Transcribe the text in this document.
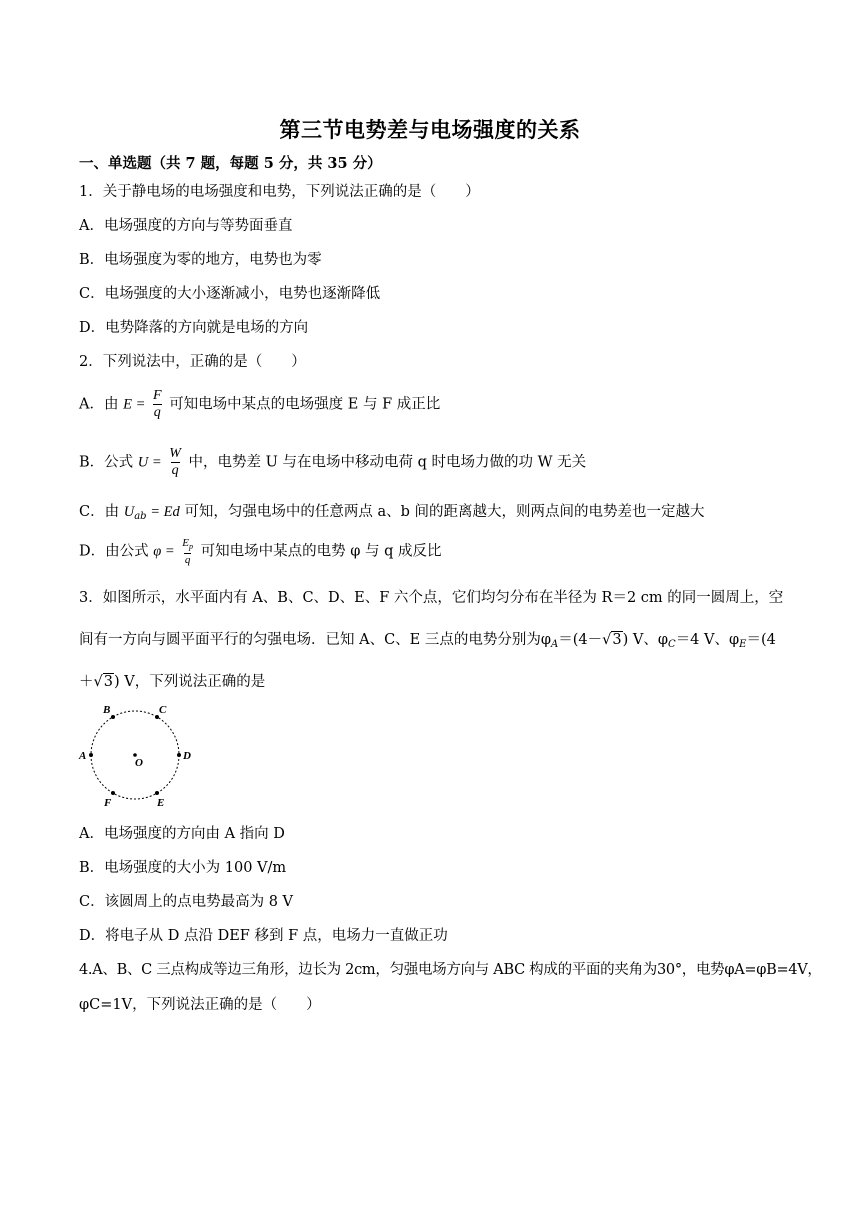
第三节电势差与电场强度的关系
一、单选题（共 7 题，每题 5 分，共 35 分）
1．关于静电场的电场强度和电势，下列说法正确的是（　　）
A．电场强度的方向与等势面垂直
B．电场强度为零的地方，电势也为零
C．电场强度的大小逐渐减小，电势也逐渐降低
D．电势降落的方向就是电场的方向
2．下列说法中，正确的是（　　）
A．由 $E = \frac{F}{q}$ 可知电场中某点的电场强度 E 与 F 成正比
B．公式 $U = \frac{W}{q}$ 中，电势差 U 与在电场中移动电荷 q 时电场力做的功 W 无关
C．由 $U_{ab} = Ed$ 可知，匀强电场中的任意两点 a、b 间的距离越大，则两点间的电势差也一定越大
D．由公式 $\varphi = \frac{E_p}{q}$ 可知电场中某点的电势 φ 与 q 成反比
3．如图所示，水平面内有 A、B、C、D、E、F 六个点，它们均匀分布在半径为 R＝2 cm 的同一圆周上，空
间有一方向与圆平面平行的匀强电场．已知 A、C、E 三点的电势分别为$\varphi_A=(4-√3)$ V、$\varphi_C=4$ V、$\varphi_E=(4$
＋√3) V，下列说法正确的是
A
B	C
D
E
F
O
A．电场强度的方向由 A 指向 D
B．电场强度的大小为 100 V/m
C．该圆周上的点电势最高为 8 V
D．将电子从 D 点沿 DEF 移到 F 点，电场力一直做正功
4.A、B、C 三点构成等边三角形，边长为 2cm，匀强电场方向与 ABC 构成的平面的夹角为30°，电势φA=φB=4V，
φC=1V，下列说法正确的是（　　）
